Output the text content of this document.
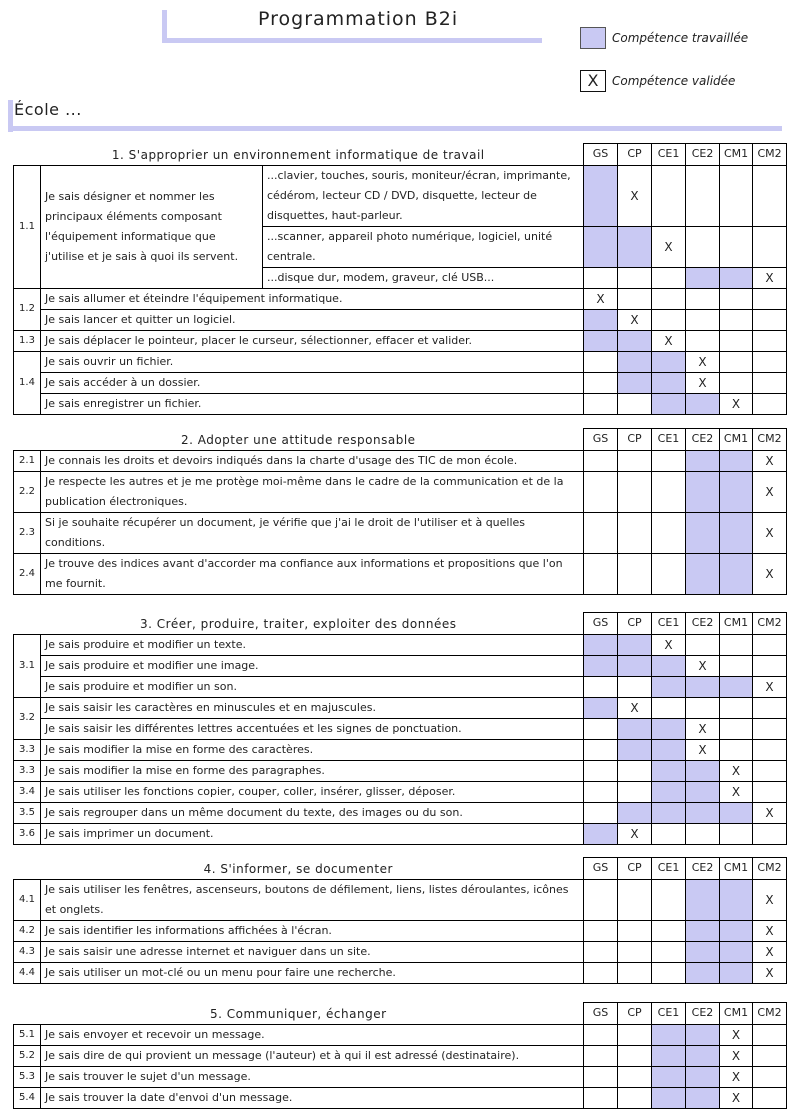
Programmation B2i
Compétence travaillée
X	Compétence validée
École ...
1. S'approprier un environnement informatique de travail			GS	CP	CE1	CE2	CM1	CM2
1.1	Je sais désigner et nommer les principaux éléments composant l'équipement informatique que j'utilise et je sais à quoi ils servent.	...clavier, touches, souris, moniteur/écran, imprimante, cédérom, lecteur CD / DVD, disquette, lecteur de disquettes, haut-parleur.		X				
		...scanner, appareil photo numérique, logiciel, unité centrale.			X			
		...disque dur, modem, graveur, clé USB...						X
1.2	Je sais allumer et éteindre l'équipement informatique.		X					
	Je sais lancer et quitter un logiciel.			X				
1.3	Je sais déplacer le pointeur, placer le curseur, sélectionner, effacer et valider.				X			
1.4	Je sais ouvrir un fichier.					X		
	Je sais accéder à un dossier.					X		
	Je sais enregistrer un fichier.						X	
2. Adopter une attitude responsable		GS	CP	CE1	CE2	CM1	CM2
2.1	Je connais les droits et devoirs indiqués dans la charte d'usage des TIC de mon école.						X
2.2	Je respecte les autres et je me protège moi-même dans le cadre de la communication et de la publication électroniques.						X
2.3	Si je souhaite récupérer un document, je vérifie que j'ai le droit de l'utiliser et à quelles conditions.						X
2.4	Je trouve des indices avant d'accorder ma confiance aux informations et propositions que l'on me fournit.						X
3. Créer, produire, traiter, exploiter des données		GS	CP	CE1	CE2	CM1	CM2
3.1	Je sais produire et modifier un texte.			X			
	Je sais produire et modifier une image.				X		
	Je sais produire et modifier un son.						X
3.2	Je sais saisir les caractères en minuscules et en majuscules.		X				
	Je sais saisir les différentes lettres accentuées et les signes de ponctuation.				X		
3.3	Je sais modifier la mise en forme des caractères.				X		
3.3	Je sais modifier la mise en forme des paragraphes.					X	
3.4	Je sais utiliser les fonctions copier, couper, coller, insérer, glisser, déposer.					X	
3.5	Je sais regrouper dans un même document du texte, des images ou du son.						X
3.6	Je sais imprimer un document.		X				
4. S'informer, se documenter		GS	CP	CE1	CE2	CM1	CM2
4.1	Je sais utiliser les fenêtres, ascenseurs, boutons de défilement, liens, listes déroulantes, icônes et onglets.						X
4.2	Je sais identifier les informations affichées à l'écran.						X
4.3	Je sais saisir une adresse internet et naviguer dans un site.						X
4.4	Je sais utiliser un mot-clé ou un menu pour faire une recherche.						X
5. Communiquer, échanger		GS	CP	CE1	CE2	CM1	CM2
5.1	Je sais envoyer et recevoir un message.					X	
5.2	Je sais dire de qui provient un message (l'auteur) et à qui il est adressé (destinataire).					X	
5.3	Je sais trouver le sujet d'un message.					X	
5.4	Je sais trouver la date d'envoi d'un message.					X	
